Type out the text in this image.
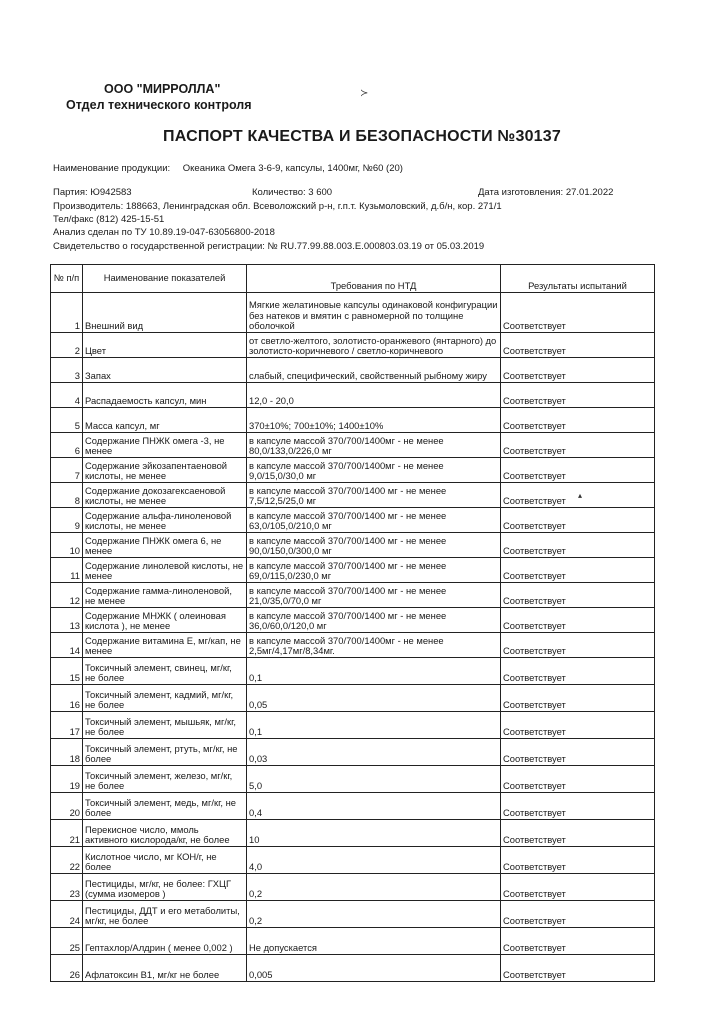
ООО "МИРРОЛЛА"
Отдел технического контроля
≻
ПАСПОРТ КАЧЕСТВА И БЕЗОПАСНОСТИ №30137
Наименование продукции: Океаника Омега 3-6-9, капсулы, 1400мг, №60 (20)
Партия: Ю942583	Количество: 3 600	Дата изготовления: 27.01.2022
Производитель: 188663, Ленинградская обл. Всеволожский р-н, г.п.т. Кузьмоловский, д.б/н, кор. 271/1
Тел/факс (812) 425-15-51
Анализ сделан по ТУ 10.89.19-047-63056800-2018
Свидетельство о государственной регистрации: № RU.77.99.88.003.Е.000803.03.19 от 05.03.2019
№ п/п	Наименование показателей	Требования по НТД	Результаты испытаний
1	Внешний вид	Мягкие желатиновые капсулы одинаковой конфигурации без натеков и вмятин с равномерной по толщине оболочкой	Соответствует
2	Цвет	от светло-желтого, золотисто-оранжевого (янтарного) до золотисто-коричневого / светло-коричневого	Соответствует
3	Запах	слабый, специфический, свойственный рыбному жиру	Соответствует
4	Распадаемость капсул, мин	12,0 - 20,0	Соответствует
5	Масса капсул, мг	370±10%; 700±10%; 1400±10%	Соответствует
6	Содержание ПНЖК омега -3, не менее	в капсуле массой 370/700/1400мг - не менее 80,0/133,0/226,0 мг	Соответствует
7	Содержание эйкозапентаеновой кислоты, не менее	в капсуле массой 370/700/1400мг - не менее 9,0/15,0/30,0 мг	Соответствует
8	Содержание докозагексаеновой кислоты, не менее	в капсуле массой 370/700/1400 мг - не менее 7,5/12,5/25,0 мг	Соответствует
9	Содержание альфа-линоленовой кислоты, не менее	в капсуле массой 370/700/1400 мг - не менее 63,0/105,0/210,0 мг	Соответствует
10	Содержание ПНЖК омега 6, не менее	в капсуле массой 370/700/1400 мг - не менее 90,0/150,0/300,0 мг	Соответствует
11	Содержание линолевой кислоты, не менее	в капсуле массой 370/700/1400 мг - не менее 69,0/115,0/230,0 мг	Соответствует
12	Содержание гамма-линоленовой, не менее	в капсуле массой 370/700/1400 мг - не менее 21,0/35,0/70,0 мг	Соответствует
13	Содержание МНЖК ( олеиновая кислота ), не менее	в капсуле массой 370/700/1400 мг - не менее 36,0/60,0/120,0 мг	Соответствует
14	Содержание витамина Е, мг/кап, не менее	в капсуле массой 370/700/1400мг - не менее 2,5мг/4,17мг/8,34мг.	Соответствует
15	Токсичный элемент, свинец, мг/кг, не более	0,1	Соответствует
16	Токсичный элемент, кадмий, мг/кг, не более	0,05	Соответствует
17	Токсичный элемент, мышьяк, мг/кг, не более	0,1	Соответствует
18	Токсичный элемент, ртуть, мг/кг, не более	0,03	Соответствует
19	Токсичный элемент, железо, мг/кг, не более	5,0	Соответствует
20	Токсичный элемент, медь, мг/кг, не более	0,4	Соответствует
21	Перекисное число, ммоль активного кислорода/кг, не более	10	Соответствует
22	Кислотное число, мг КОН/г, не более	4,0	Соответствует
23	Пестициды, мг/кг, не более: ГХЦГ (сумма изомеров )	0,2	Соответствует
24	Пестициды, ДДТ и его метаболиты, мг/кг, не более	0,2	Соответствует
25	Гептахлор/Алдрин ( менее 0,002 )	Не допускается	Соответствует
26	Афлатоксин В1, мг/кг не более	0,005	Соответствует
▴
